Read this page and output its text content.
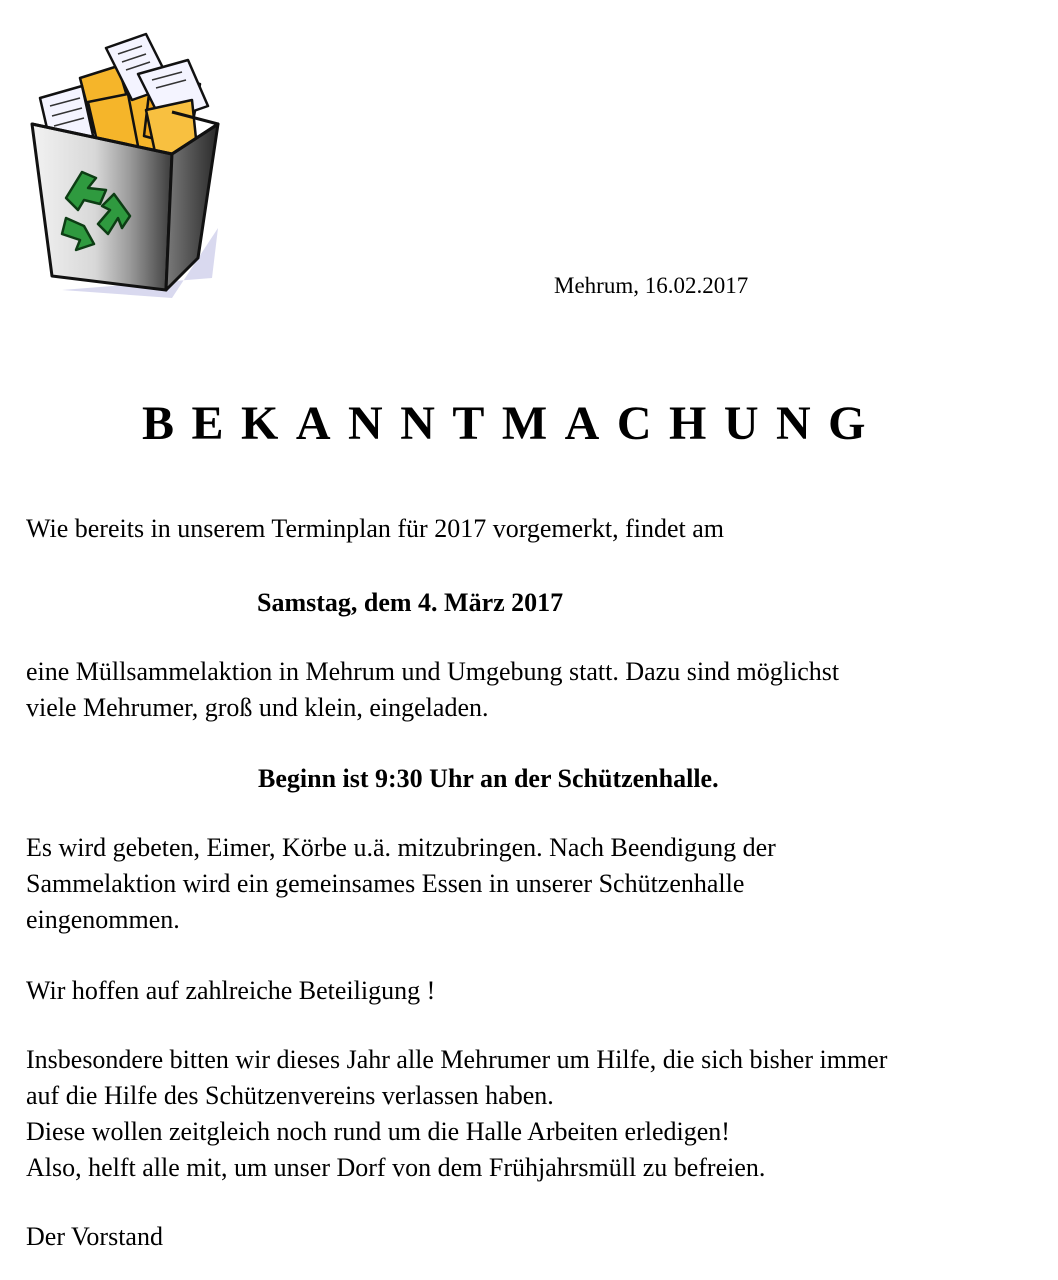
Mehrum, 16.02.2017
BEKANNTMACHUNG
Wie bereits in unserem Terminplan für 2017 vorgemerkt, findet am
Samstag, dem 4. März 2017
eine Müllsammelaktion in Mehrum und Umgebung statt. Dazu sind möglichst
viele Mehrumer, groß und klein, eingeladen.
Beginn ist 9:30 Uhr an der Schützenhalle.
Es wird gebeten, Eimer, Körbe u.ä. mitzubringen. Nach Beendigung der
Sammelaktion wird ein gemeinsames Essen in unserer Schützenhalle
eingenommen.
Wir hoffen auf zahlreiche Beteiligung !
Insbesondere bitten wir dieses Jahr alle Mehrumer um Hilfe, die sich bisher immer
auf die Hilfe des Schützenvereins verlassen haben.
Diese wollen zeitgleich noch rund um die Halle Arbeiten erledigen!
Also, helft alle mit, um unser Dorf von dem Frühjahrsmüll zu befreien.
Der Vorstand
